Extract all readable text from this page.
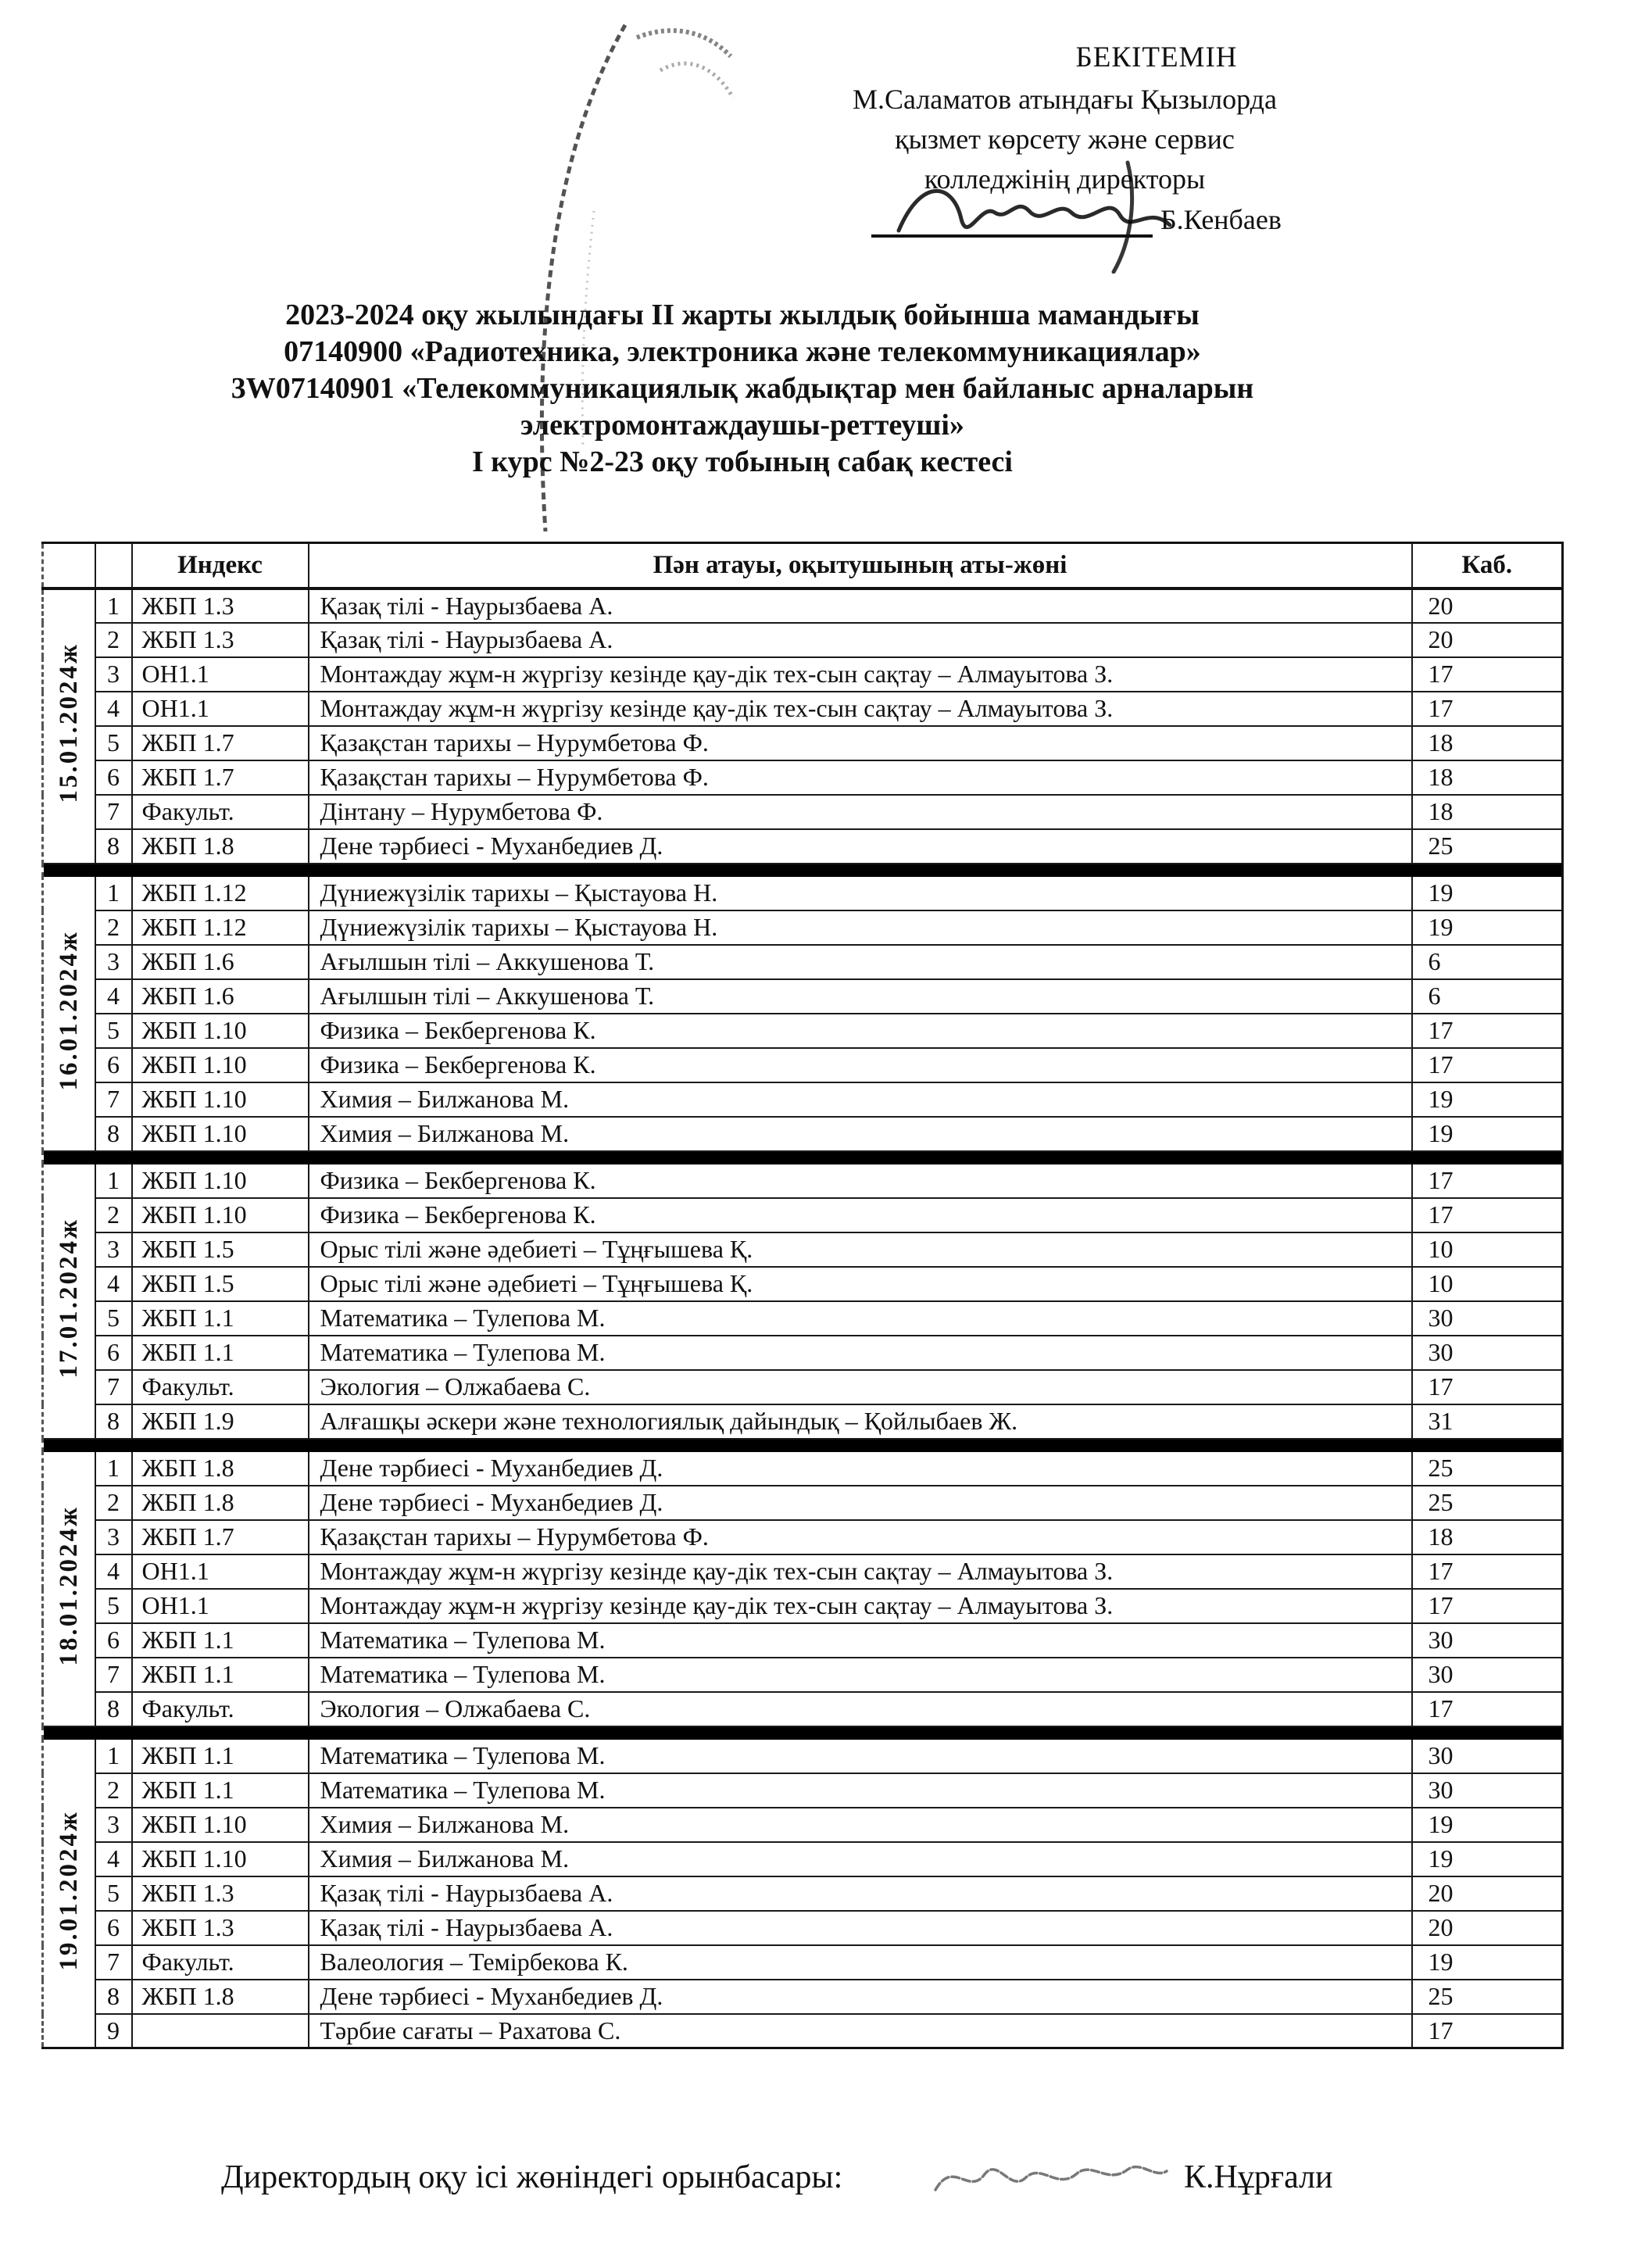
БЕКІТЕМІН
М.Саламатов атындағы Қызылорда
қызмет көрсету және сервис
колледжінің директоры
Б.Кенбаев
2023-2024 оқу жылындағы II жарты жылдық бойынша мамандығы
07140900 «Радиотехника, электроника және телекоммуникациялар»
3W07140901 «Телекоммуникациялық жабдықтар мен байланыс арналарын
электромонтаждаушы-реттеуші»
I курс №2-23 оқу тобының сабақ кестесі
		Индекс	Пән атауы, оқытушының аты-жөні	Каб.
15.01.2024ж	1	ЖБП 1.3	Қазақ тілі - Наурызбаева А.	20
	2	ЖБП 1.3	Қазақ тілі - Наурызбаева А.	20
	3	ОН1.1	Монтаждау жұм-н жүргізу кезінде қау-дік тех-сын сақтау – Алмауытова З.	17
	4	ОН1.1	Монтаждау жұм-н жүргізу кезінде қау-дік тех-сын сақтау – Алмауытова З.	17
	5	ЖБП 1.7	Қазақстан тарихы – Нурумбетова Ф.	18
	6	ЖБП 1.7	Қазақстан тарихы – Нурумбетова Ф.	18
	7	Факульт.	Дінтану – Нурумбетова Ф.	18
	8	ЖБП 1.8	Дене тәрбиесі - Муханбедиев Д.	25

16.01.2024ж	1	ЖБП 1.12	Дүниежүзілік тарихы – Қыстауова Н.	19
	2	ЖБП 1.12	Дүниежүзілік тарихы – Қыстауова Н.	19
	3	ЖБП 1.6	Ағылшын тілі – Аккушенова Т.	6
	4	ЖБП 1.6	Ағылшын тілі – Аккушенова Т.	6
	5	ЖБП 1.10	Физика – Бекбергенова К.	17
	6	ЖБП 1.10	Физика – Бекбергенова К.	17
	7	ЖБП 1.10	Химия – Билжанова М.	19
	8	ЖБП 1.10	Химия – Билжанова М.	19

17.01.2024ж	1	ЖБП 1.10	Физика – Бекбергенова К.	17
	2	ЖБП 1.10	Физика – Бекбергенова К.	17
	3	ЖБП 1.5	Орыс тілі және әдебиеті – Тұңғышева Қ.	10
	4	ЖБП 1.5	Орыс тілі және әдебиеті – Тұңғышева Қ.	10
	5	ЖБП 1.1	Математика – Тулепова М.	30
	6	ЖБП 1.1	Математика – Тулепова М.	30
	7	Факульт.	Экология – Олжабаева С.	17
	8	ЖБП 1.9	Алғашқы әскери және технологиялық дайындық – Қойлыбаев Ж.	31

18.01.2024ж	1	ЖБП 1.8	Дене тәрбиесі - Муханбедиев Д.	25
	2	ЖБП 1.8	Дене тәрбиесі - Муханбедиев Д.	25
	3	ЖБП 1.7	Қазақстан тарихы – Нурумбетова Ф.	18
	4	ОН1.1	Монтаждау жұм-н жүргізу кезінде қау-дік тех-сын сақтау – Алмауытова З.	17
	5	ОН1.1	Монтаждау жұм-н жүргізу кезінде қау-дік тех-сын сақтау – Алмауытова З.	17
	6	ЖБП 1.1	Математика – Тулепова М.	30
	7	ЖБП 1.1	Математика – Тулепова М.	30
	8	Факульт.	Экология – Олжабаева С.	17

19.01.2024ж	1	ЖБП 1.1	Математика – Тулепова М.	30
	2	ЖБП 1.1	Математика – Тулепова М.	30
	3	ЖБП 1.10	Химия – Билжанова М.	19
	4	ЖБП 1.10	Химия – Билжанова М.	19
	5	ЖБП 1.3	Қазақ тілі - Наурызбаева А.	20
	6	ЖБП 1.3	Қазақ тілі - Наурызбаева А.	20
	7	Факульт.	Валеология – Темірбекова К.	19
	8	ЖБП 1.8	Дене тәрбиесі - Муханбедиев Д.	25
	9		Тәрбие сағаты – Рахатова С.	17
Директордың оқу ісі жөніндегі орынбасары:	К.Нұрғали
